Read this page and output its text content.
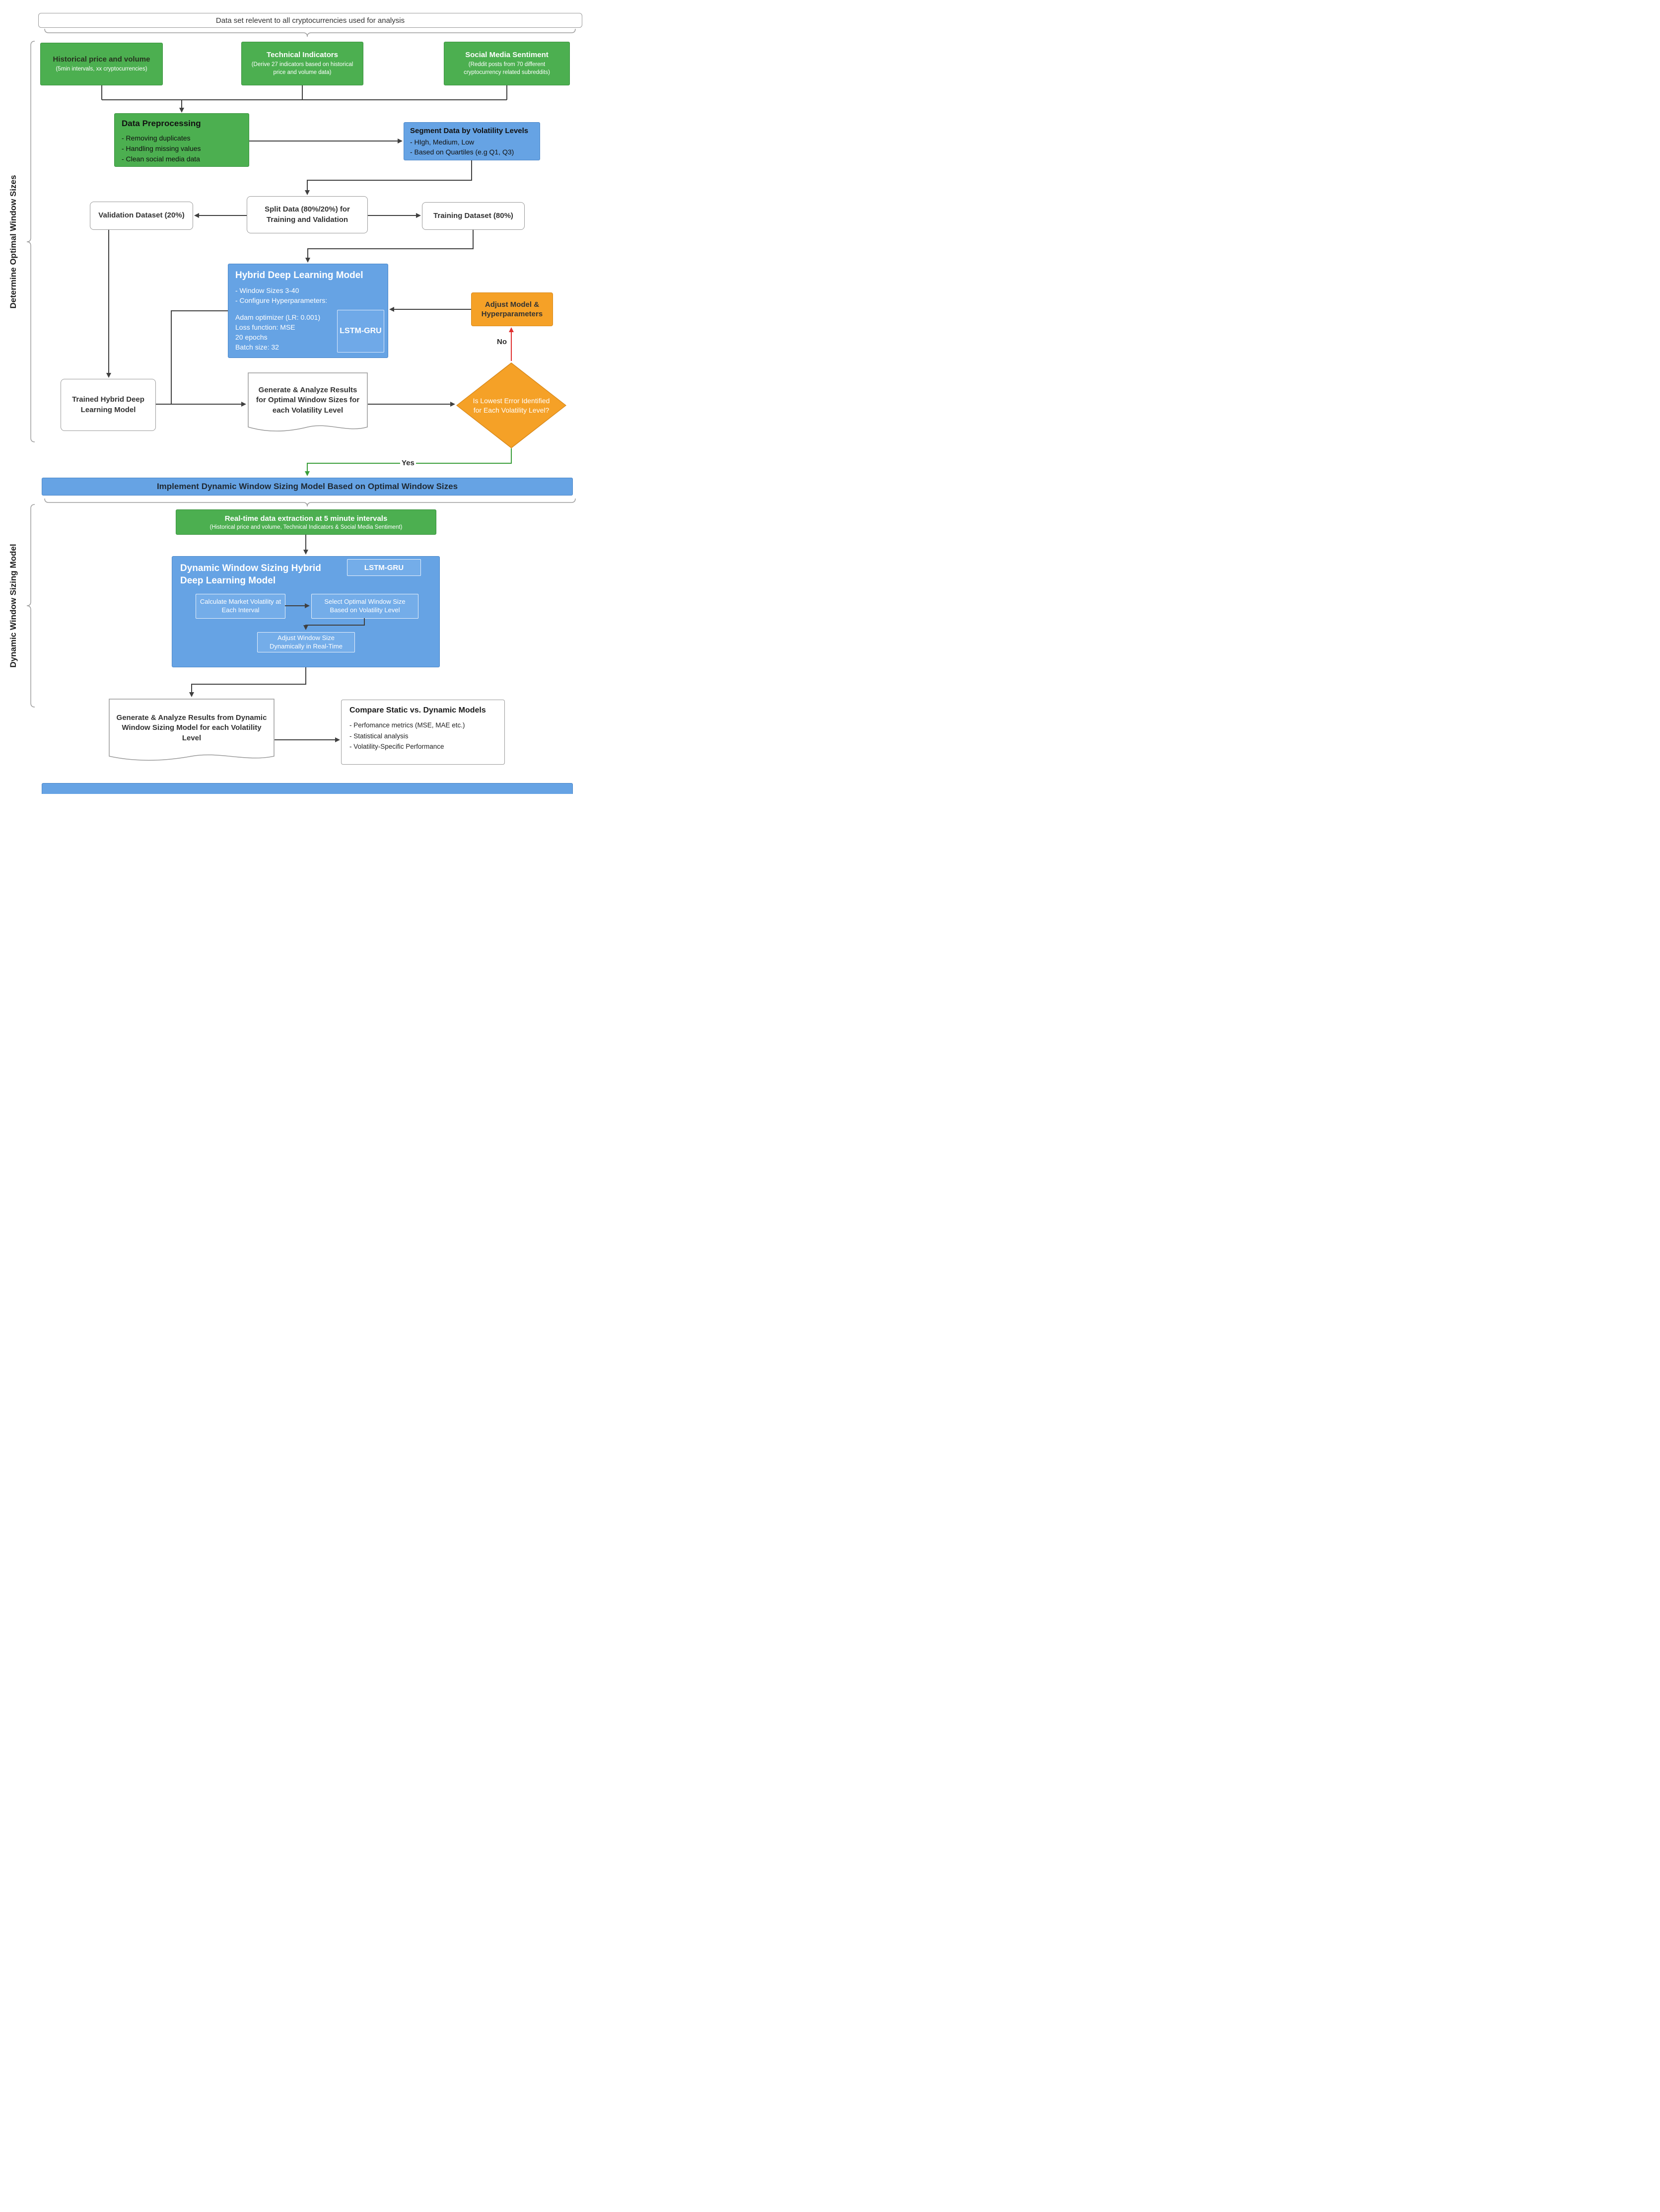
Determine Optimal Window Sizes
Dynamic Window Sizing Model
Data set relevent to all cryptocurrencies used for analysis
Historical price and volume
(5min intervals, xx cryptocurrencies)
Technical Indicators
(Derive 27 indicators based on historical price and volume data)
Social Media Sentiment
(Reddit posts from 70 different cryptocurrency related subreddits)
Data Preprocessing
- Removing duplicates
- Handling missing values
- Clean social media data
Segment Data by Volatility Levels
- HIgh, Medium, Low
- Based on Quartiles (e.g Q1, Q3)
Split Data (80%/20%) for Training and Validation
Validation Dataset (20%)	Training Dataset (80%)
Hybrid Deep Learning Model
- Window Sizes 3-40
- Configure Hyperparameters:
Adam optimizer (LR: 0.001)
Loss function: MSE
20 epochs
Batch size: 32
LSTM-GRU
Adjust Model & Hyperparameters
No
Yes
Is Lowest Error Identified for Each Volatility Level?
Generate & Analyze Results for Optimal Window Sizes for each Volatility Level
Trained Hybrid Deep Learning Model
Implement Dynamic Window Sizing Model Based on Optimal Window Sizes
Real-time data extraction at 5 minute intervals
(Historical price and volume, Technical Indicators & Social Media Sentiment)
Dynamic Window Sizing Hybrid Deep Learning Model
LSTM-GRU
Calculate Market Volatility at Each Interval
Select Optimal Window Size Based on Volatility Level
Adjust Window Size Dynamically in Real-Time
Generate & Analyze Results from Dynamic Window Sizing Model for each Volatility Level
Compare Static vs. Dynamic Models
- Perfomance metrics (MSE, MAE etc.)
- Statistical analysis
- Volatility-Specific Performance
